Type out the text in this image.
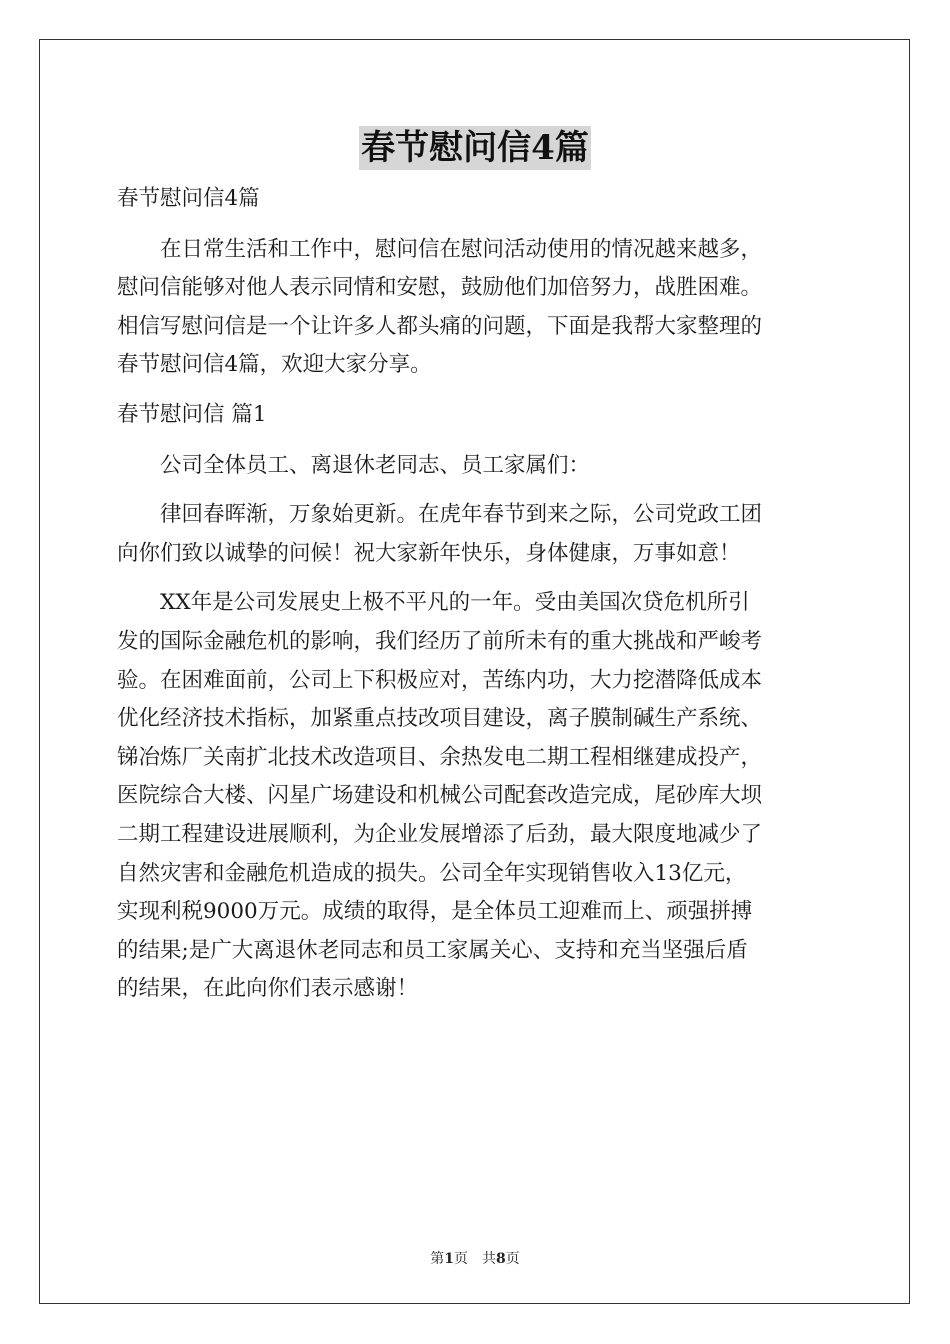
春节慰问信4篇
春节慰问信4篇
　　在日常生活和工作中，慰问信在慰问活动使用的情况越来越多，
慰问信能够对他人表示同情和安慰，鼓励他们加倍努力，战胜困难。
相信写慰问信是一个让许多人都头痛的问题，下面是我帮大家整理的
春节慰问信4篇，欢迎大家分享。
春节慰问信 篇1
　　公司全体员工、离退休老同志、员工家属们：
　　律回春晖渐，万象始更新。在虎年春节到来之际，公司党政工团
向你们致以诚挚的问候！祝大家新年快乐，身体健康，万事如意！
　　XX年是公司发展史上极不平凡的一年。受由美国次贷危机所引
发的国际金融危机的影响，我们经历了前所未有的重大挑战和严峻考
验。在困难面前，公司上下积极应对，苦练内功，大力挖潜降低成本
优化经济技术指标，加紧重点技改项目建设，离子膜制碱生产系统、
锑冶炼厂关南扩北技术改造项目、余热发电二期工程相继建成投产，
医院综合大楼、闪星广场建设和机械公司配套改造完成，尾砂库大坝
二期工程建设进展顺利，为企业发展增添了后劲，最大限度地减少了
自然灾害和金融危机造成的损失。公司全年实现销售收入13亿元，
实现利税9000万元。成绩的取得，是全体员工迎难而上、顽强拼搏
的结果;是广大离退休老同志和员工家属关心、支持和充当坚强后盾
的结果，在此向你们表示感谢！
第1页　共8页
